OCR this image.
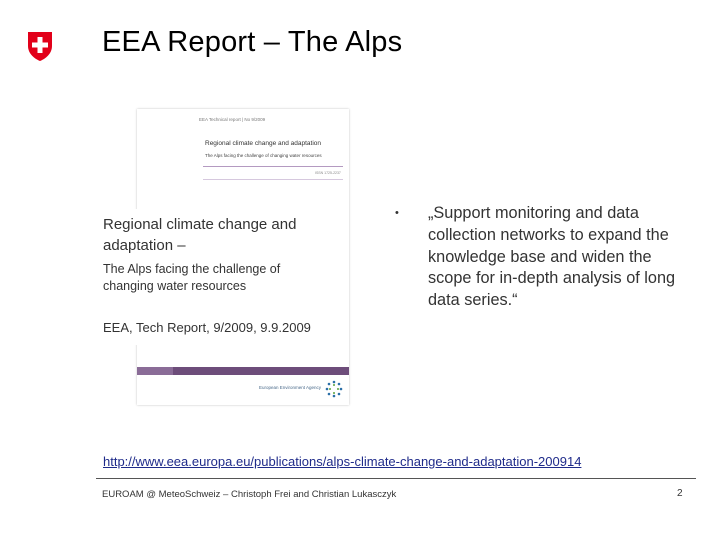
EEA Report – The Alps
EEA Technical report | No 9/2009
Regional climate change and adaptation
The Alps facing the challenge of changing water resources
ISSN 1725-2237
European Environment Agency
Regional climate change and adaptation –
The Alps facing the challenge of changing water resources
EEA, Tech Report, 9/2009, 9.9.2009
• „Support monitoring and data collection networks to expand the knowledge base and widen the scope for in-depth analysis of long data series.“
http://www.eea.europa.eu/publications/alps-climate-change-and-adaptation-200914
EUROAM @ MeteoSchweiz – Christoph Frei and Christian Lukasczyk	2
